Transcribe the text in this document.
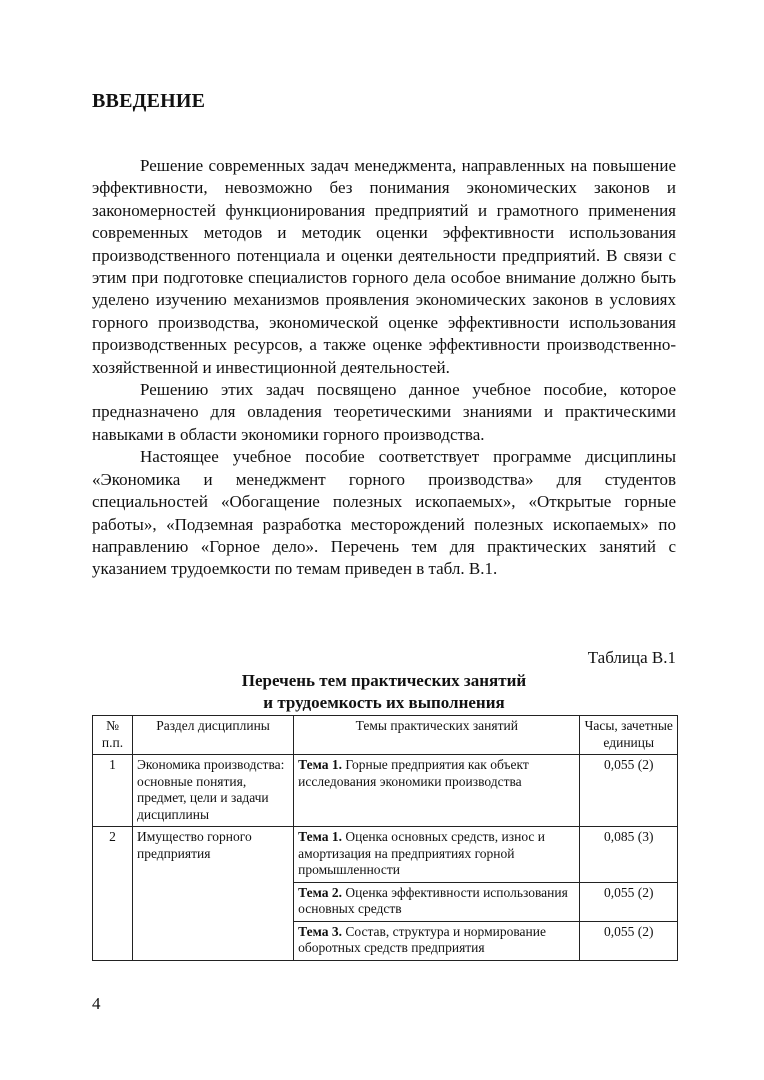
ВВЕДЕНИЕ

Решение современных задач менеджмента, направленных на повышение эффективности, невозможно без понимания экономических законов и закономерностей функционирования предприятий и грамотного применения современных методов и методик оценки эффективности использования производственного потенциала и оценки деятельности предприятий. В связи с этим при подготовке специалистов горного дела особое внимание должно быть уделено изучению механизмов проявления экономических законов в условиях горного производства, экономической оценке эффективности использования производственных ресурсов, а также оценке эффективности производственно-хозяйственной и инвестиционной деятельностей.

Решению этих задач посвящено данное учебное пособие, которое предназначено для овладения теоретическими знаниями и практическими навыками в области экономики горного производства.

Настоящее учебное пособие соответствует программе дисциплины «Экономика и менеджмент горного производства» для студентов специальностей «Обогащение полезных ископаемых», «Открытые горные работы», «Подземная разработка месторождений полезных ископаемых» по направлению «Горное дело». Перечень тем для практических занятий с указанием трудоемкости по темам приведен в табл. В.1.

Таблица В.1
Перечень тем практических занятий
и трудоемкость их выполнения
№ п.п.	Раздел дисциплины	Темы практических занятий	Часы, зачетные единицы
1	Экономика производства: основные понятия, предмет, цели и задачи дисциплины	Тема 1. Горные предприятия как объект исследования экономики производства	0,055 (2)
2	Имущество горного предприятия	Тема 1. Оценка основных средств, износ и амортизация на предприятиях горной промышленности	0,085 (3)
		Тема 2. Оценка эффективности использования основных средств	0,055 (2)
		Тема 3. Состав, структура и нормирование оборотных средств предприятия	0,055 (2)
4
